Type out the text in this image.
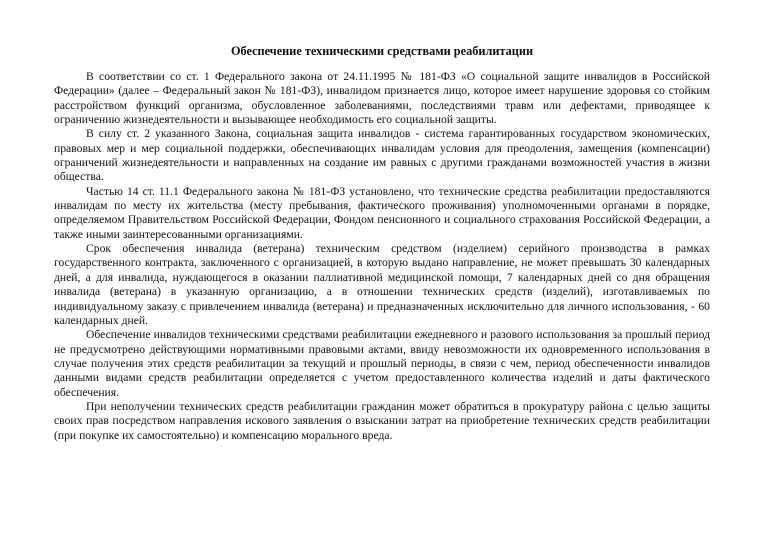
Обеспечение техническими средствами реабилитации

В соответствии со ст. 1 Федерального закона от 24.11.1995 № 181-ФЗ «О социальной защите инвалидов в Российской Федерации» (далее – Федеральный закон № 181-ФЗ), инвалидом признается лицо, которое имеет нарушение здоровья со стойким расстройством функций организма, обусловленное заболеваниями, последствиями травм или дефектами, приводящее к ограничению жизнедеятельности и вызывающее необходимость его социальной защиты.

В силу ст. 2 указанного Закона, социальная защита инвалидов - система гарантированных государством экономических, правовых мер и мер социальной поддержки, обеспечивающих инвалидам условия для преодоления, замещения (компенсации) ограничений жизнедеятельности и направленных на создание им равных с другими гражданами возможностей участия в жизни общества.

Частью 14 ст. 11.1 Федерального закона № 181-ФЗ установлено, что технические средства реабилитации предоставляются инвалидам по месту их жительства (месту пребывания, фактического проживания) уполномоченными органами в порядке, определяемом Правительством Российской Федерации, Фондом пенсионного и социального страхования Российской Федерации, а также иными заинтересованными организациями.

Срок обеспечения инвалида (ветерана) техническим средством (изделием) серийного производства в рамках государственного контракта, заключенного с организацией, в которую выдано направление, не может превышать 30 календарных дней, а для инвалида, нуждающегося в оказании паллиативной медицинской помощи, 7 календарных дней со дня обращения инвалида (ветерана) в указанную организацию, а в отношении технических средств (изделий), изготавливаемых по индивидуальному заказу с привлечением инвалида (ветерана) и предназначенных исключительно для личного использования, - 60 календарных дней.

Обеспечение инвалидов техническими средствами реабилитации ежедневного и разового использования за прошлый период не предусмотрено действующими нормативными правовыми актами, ввиду невозможности их одновременного использования в случае получения этих средств реабилитации за текущий и прошлый периоды, в связи с чем, период обеспеченности инвалидов данными видами средств реабилитации определяется с учетом предоставленного количества изделий и даты фактического обеспечения.

При неполучении технических средств реабилитации гражданин может обратиться в прокуратуру района с целью защиты своих прав посредством направления искового заявления о взыскании затрат на приобретение технических средств реабилитации (при покупке их самостоятельно) и компенсацию морального вреда.
